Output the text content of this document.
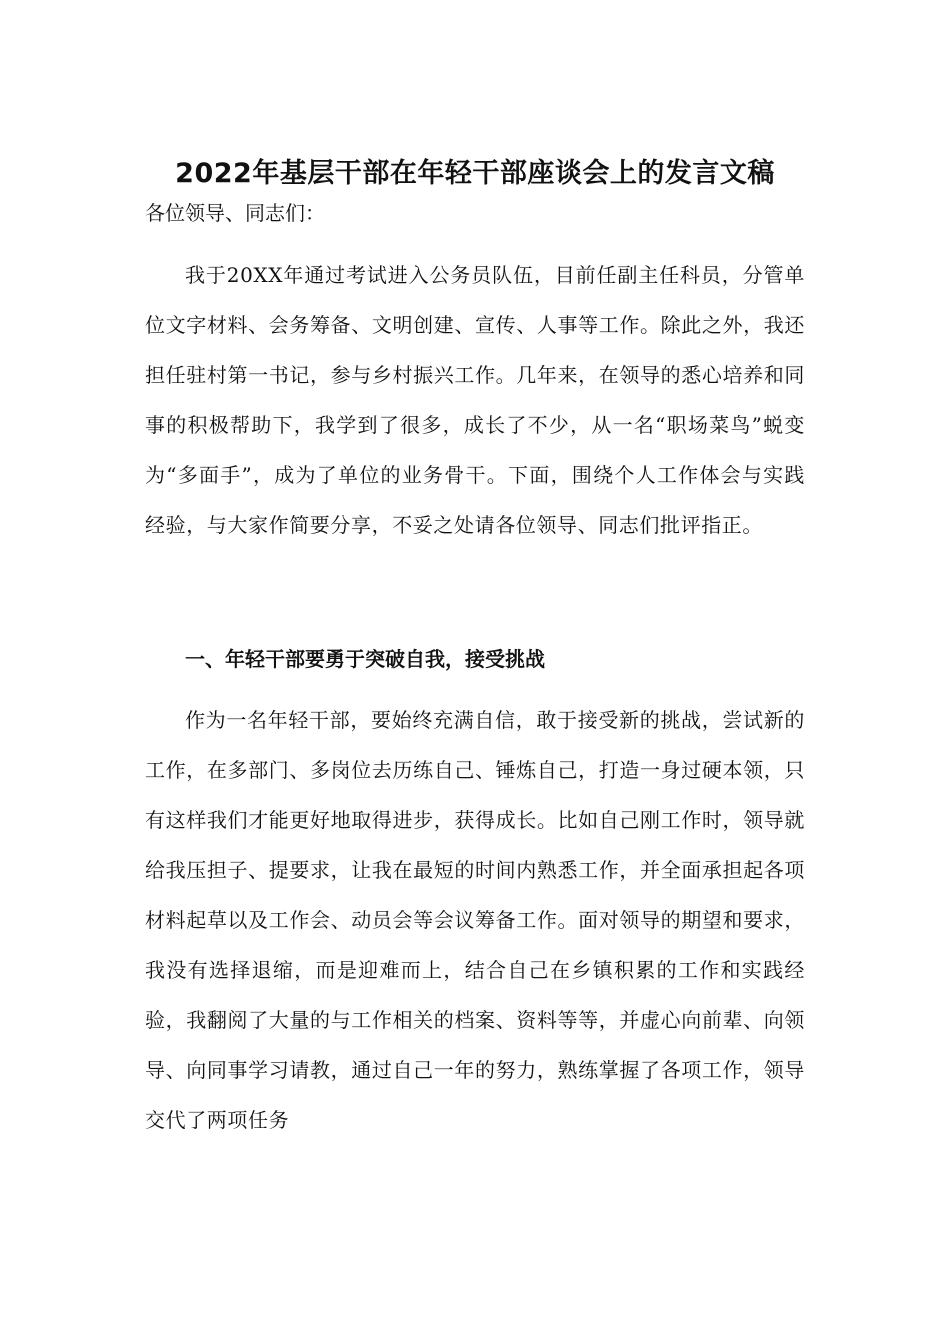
2022年基层干部在年轻干部座谈会上的发言文稿
各位领导、同志们：

我于20XX年通过考试进入公务员队伍，目前任副主任科员，分管单位文字材料、会务筹备、文明创建、宣传、人事等工作。除此之外，我还担任驻村第一书记，参与乡村振兴工作。几年来，在领导的悉心培养和同事的积极帮助下，我学到了很多，成长了不少，从一名“职场菜鸟”蜕变为“多面手”，成为了单位的业务骨干。下面，围绕个人工作体会与实践经验，与大家作简要分享，不妥之处请各位领导、同志们批评指正。

一、年轻干部要勇于突破自我，接受挑战

作为一名年轻干部，要始终充满自信，敢于接受新的挑战，尝试新的工作，在多部门、多岗位去历练自己、锤炼自己，打造一身过硬本领，只有这样我们才能更好地取得进步，获得成长。比如自己刚工作时，领导就给我压担子、提要求，让我在最短的时间内熟悉工作，并全面承担起各项材料起草以及工作会、动员会等会议筹备工作。面对领导的期望和要求，我没有选择退缩，而是迎难而上，结合自己在乡镇积累的工作和实践经验，我翻阅了大量的与工作相关的档案、资料等等，并虚心向前辈、向领导、向同事学习请教，通过自己一年的努力，熟练掌握了各项工作，领导交代了两项任务
